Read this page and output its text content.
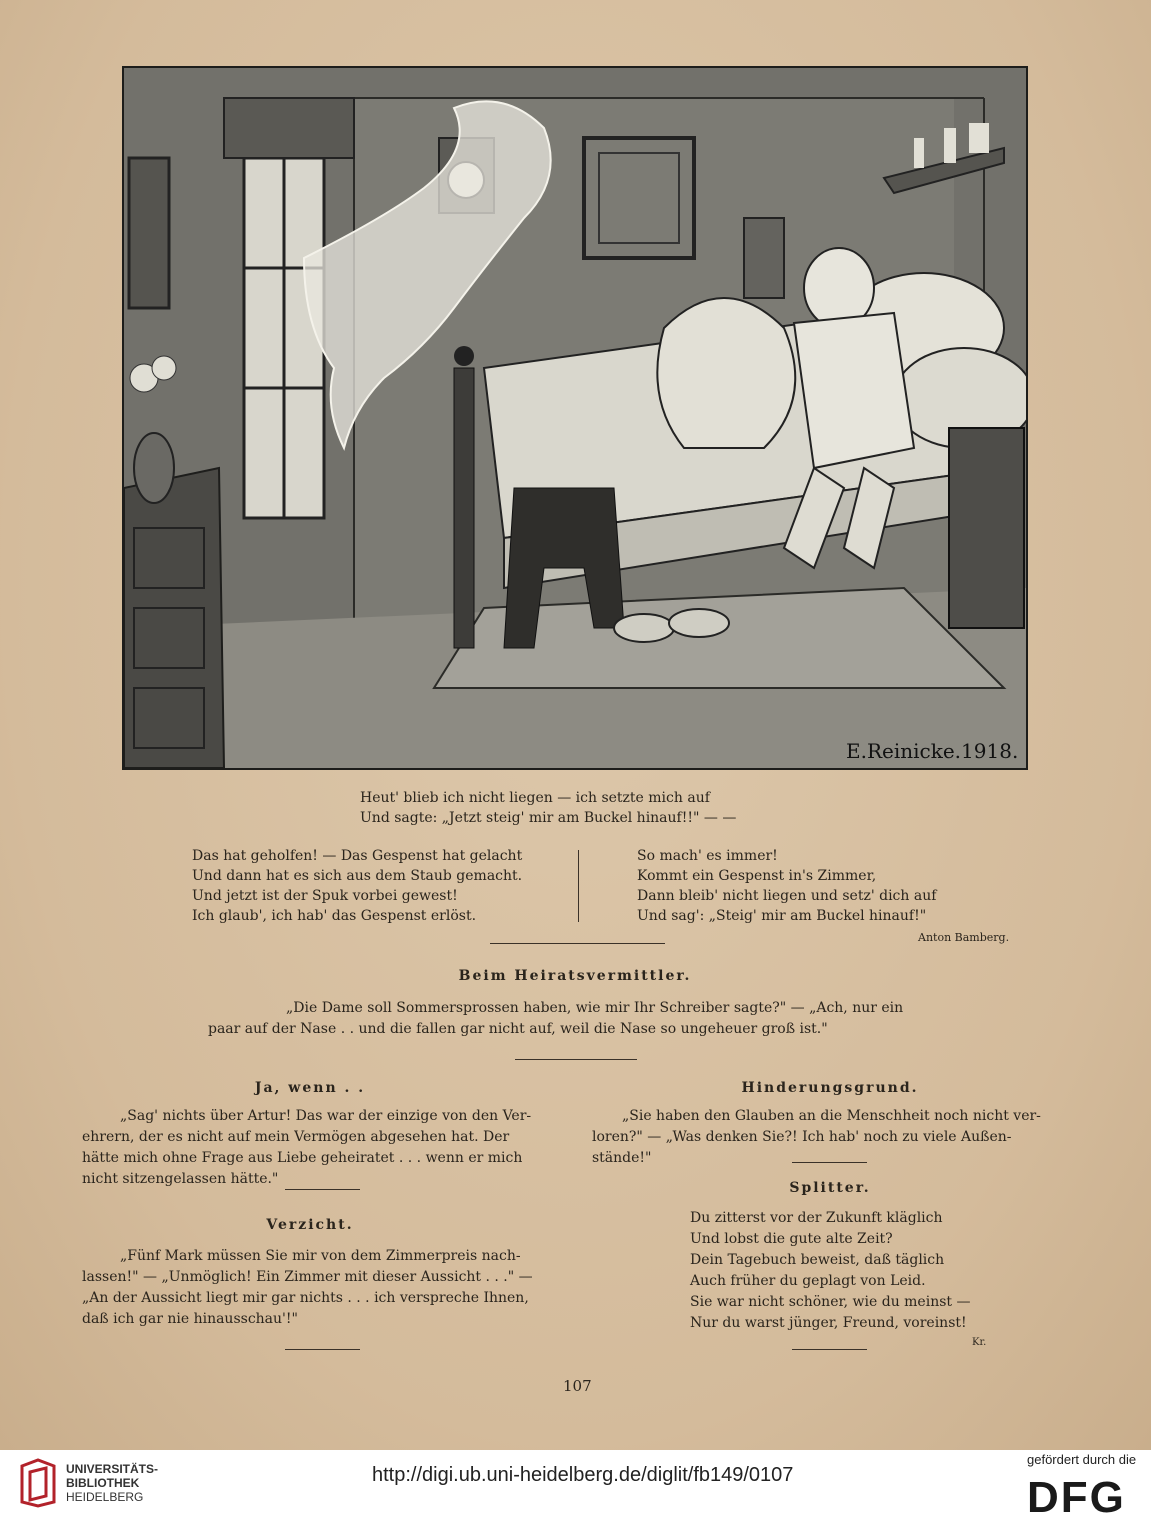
E.Reinicke.1918.
Heut' blieb ich nicht liegen — ich setzte mich auf
Und sagte: „Jetzt steig' mir am Buckel hinauf!!" — —
Das hat geholfen! — Das Gespenst hat gelacht
Und dann hat es sich aus dem Staub gemacht.
Und jetzt ist der Spuk vorbei gewest!
Ich glaub', ich hab' das Gespenst erlöst.
So mach' es immer!
Kommt ein Gespenst in's Zimmer,
Dann bleib' nicht liegen und setz' dich auf
Und sag': „Steig' mir am Buckel hinauf!"
Anton Bamberg.
Beim Heiratsvermittler.
„Die Dame soll Sommersprossen haben, wie mir Ihr Schreiber sagte?" — „Ach, nur ein
paar auf der Nase . . und die fallen gar nicht auf, weil die Nase so ungeheuer groß ist."
Ja, wenn . .
„Sag' nichts über Artur! Das war der einzige von den Ver-
ehrern, der es nicht auf mein Vermögen abgesehen hat. Der
hätte mich ohne Frage aus Liebe geheiratet . . . wenn er mich
nicht sitzengelassen hätte."
Verzicht.
„Fünf Mark müssen Sie mir von dem Zimmerpreis nach-
lassen!" — „Unmöglich! Ein Zimmer mit dieser Aussicht . . ." —
„An der Aussicht liegt mir gar nichts . . . ich verspreche Ihnen,
daß ich gar nie hinausschau'!"
Hinderungsgrund.
„Sie haben den Glauben an die Menschheit noch nicht ver-
loren?" — „Was denken Sie?! Ich hab' noch zu viele Außen-
stände!"
Splitter.
Du zitterst vor der Zukunft kläglich
Und lobst die gute alte Zeit?
Dein Tagebuch beweist, daß täglich
Auch früher du geplagt von Leid.
Sie war nicht schöner, wie du meinst —
Nur du warst jünger, Freund, voreinst!
Kr.
107
UNIVERSITÄTS-
BIBLIOTHEK
HEIDELBERG
http://digi.ub.uni-heidelberg.de/diglit/fb149/0107
gefördert durch die
DFG
